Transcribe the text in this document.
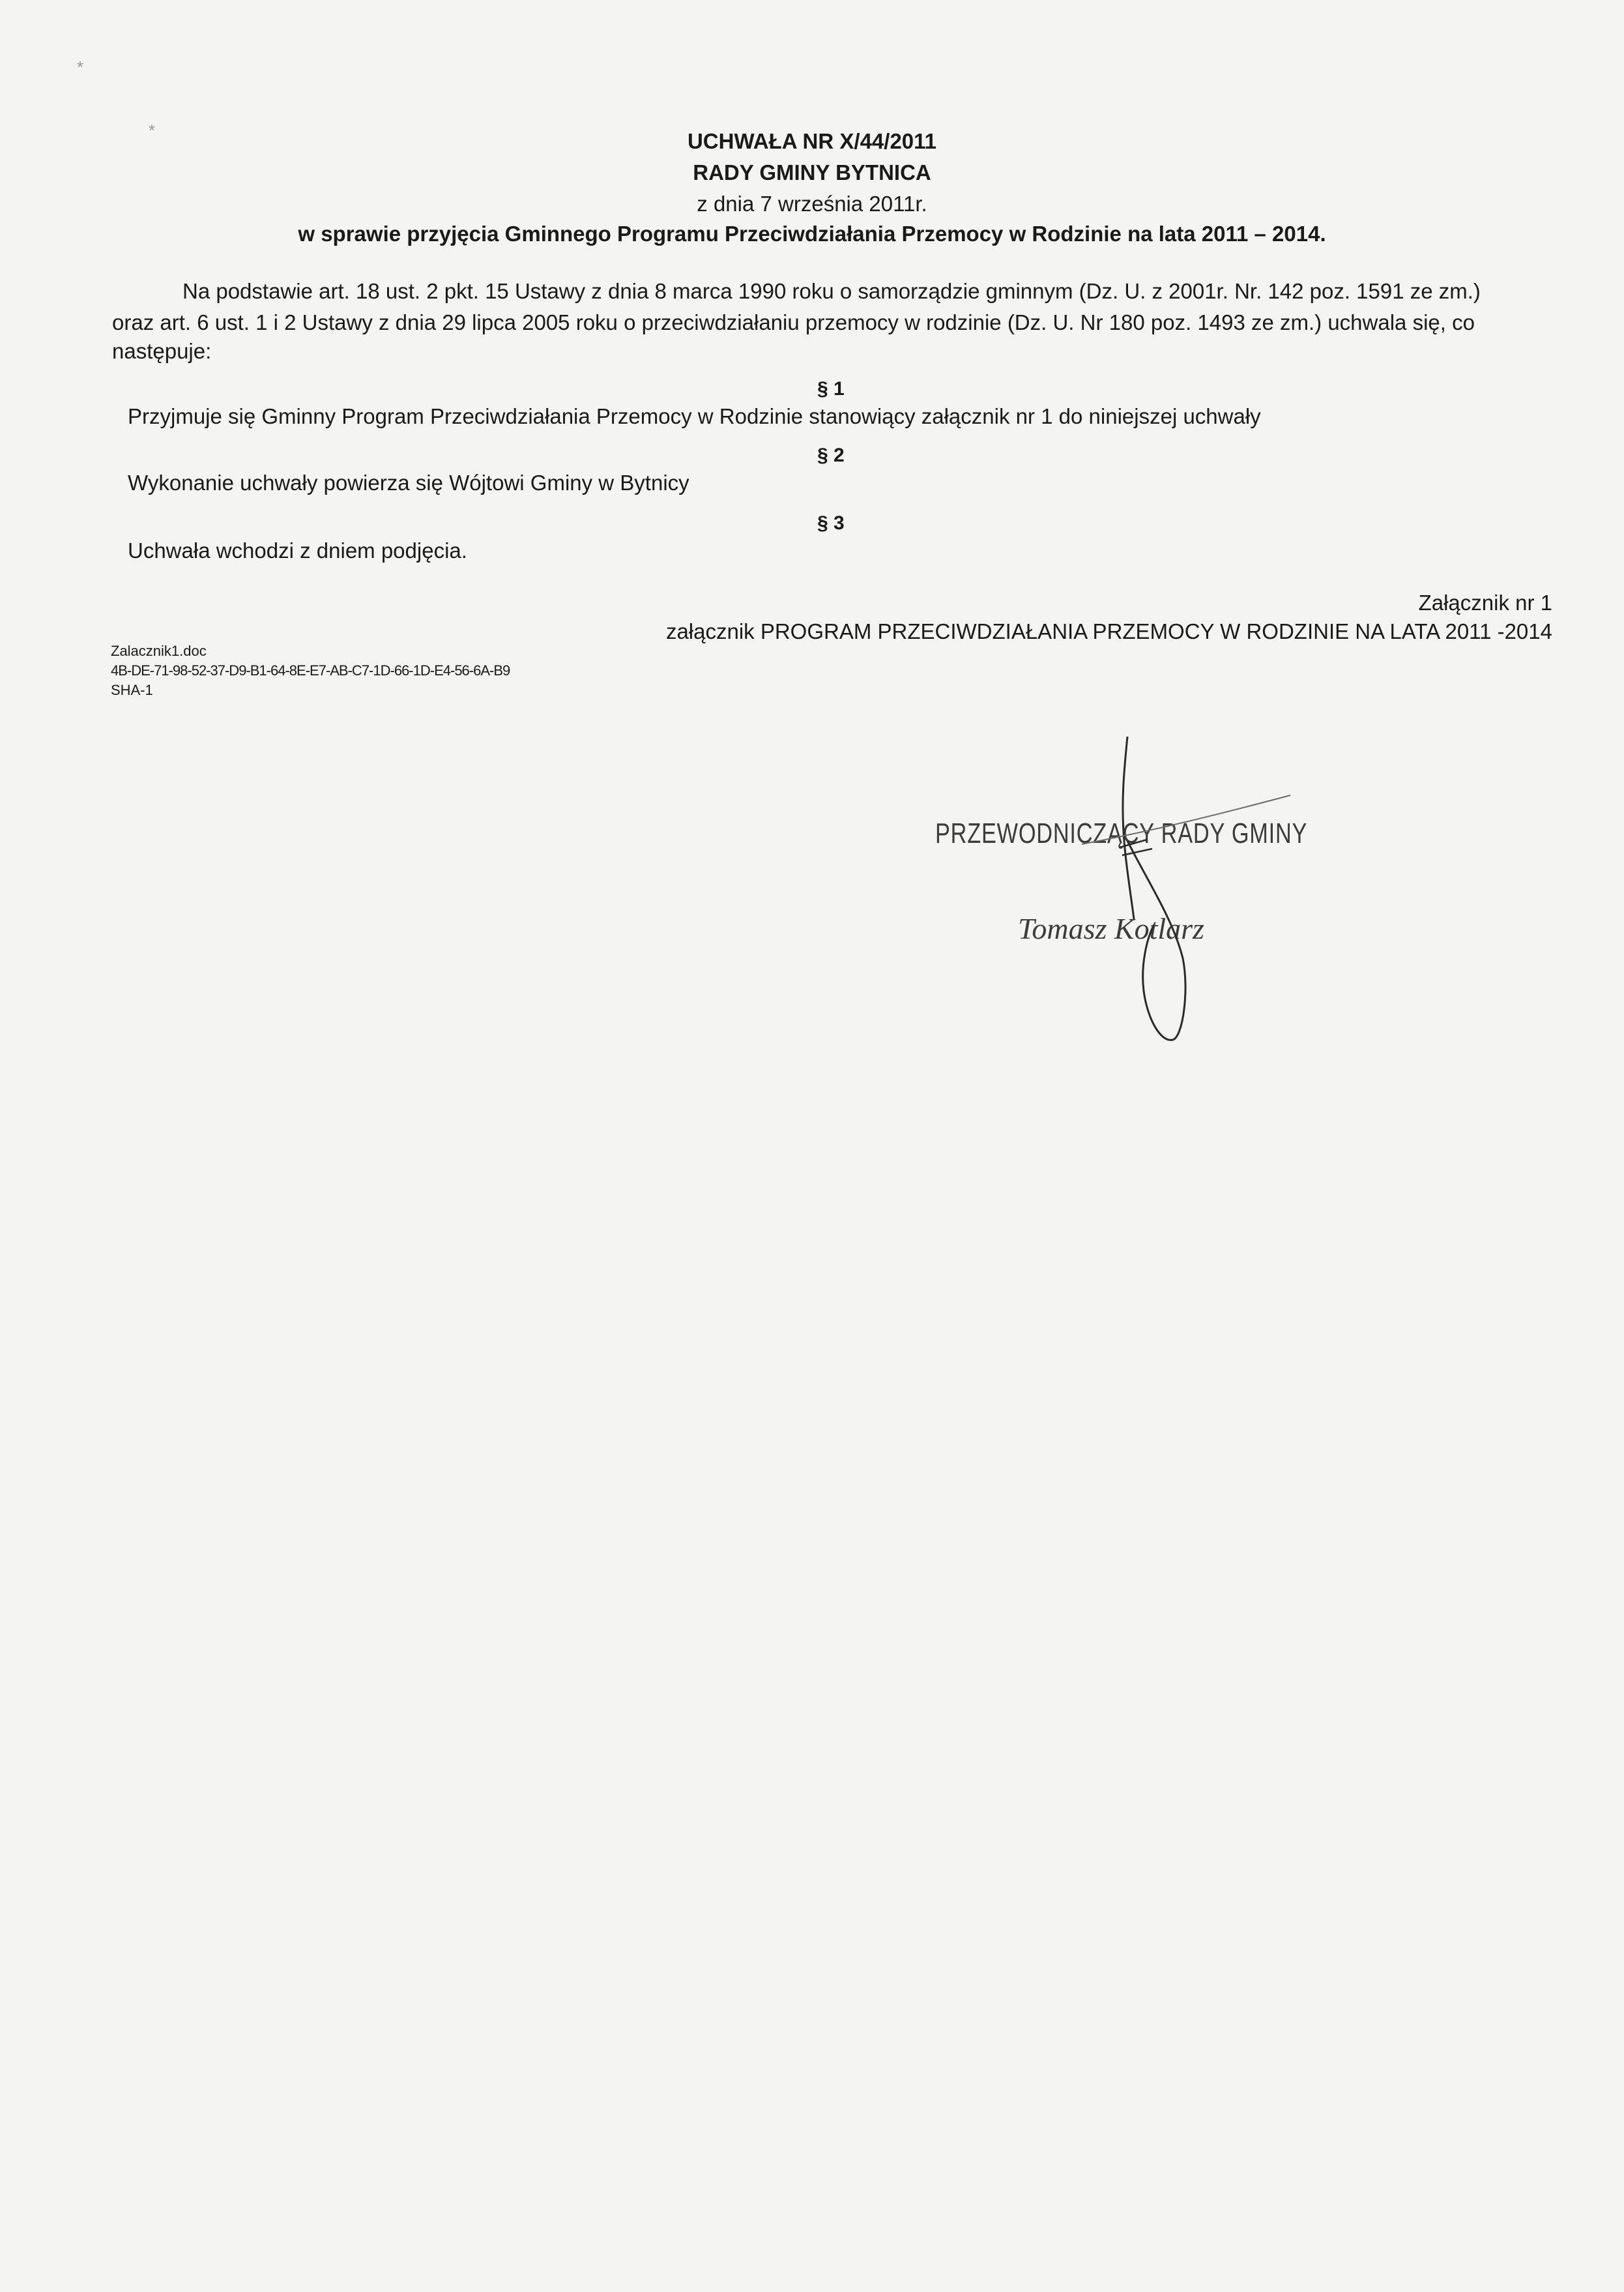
*
*	UCHWAŁA NR X/44/2011
RADY GMINY BYTNICA
z dnia 7 września 2011r.
w sprawie przyjęcia Gminnego Programu Przeciwdziałania Przemocy w Rodzinie na lata 2011 – 2014.
Na podstawie art. 18 ust. 2 pkt. 15 Ustawy z dnia 8 marca 1990 roku o samorządzie gminnym (Dz. U. z 2001r. Nr. 142 poz. 1591 ze zm.)
oraz art. 6 ust. 1 i 2 Ustawy z dnia 29 lipca 2005 roku o przeciwdziałaniu przemocy w rodzinie (Dz. U. Nr 180 poz. 1493 ze zm.) uchwala się, co
następuje:
§ 1
Przyjmuje się Gminny Program Przeciwdziałania Przemocy w Rodzinie stanowiący załącznik nr 1 do niniejszej uchwały
§ 2
Wykonanie uchwały powierza się Wójtowi Gminy w Bytnicy
§ 3
Uchwała wchodzi z dniem podjęcia.
Załącznik nr 1
załącznik PROGRAM PRZECIWDZIAŁANIA PRZEMOCY W RODZINIE NA LATA 2011 -2014
Zalacznik1.doc
4B-DE-71-98-52-37-D9-B1-64-8E-E7-AB-C7-1D-66-1D-E4-56-6A-B9
SHA-1
PRZEWODNICZĄCY RADY GMINY
Tomasz Kotlarz
